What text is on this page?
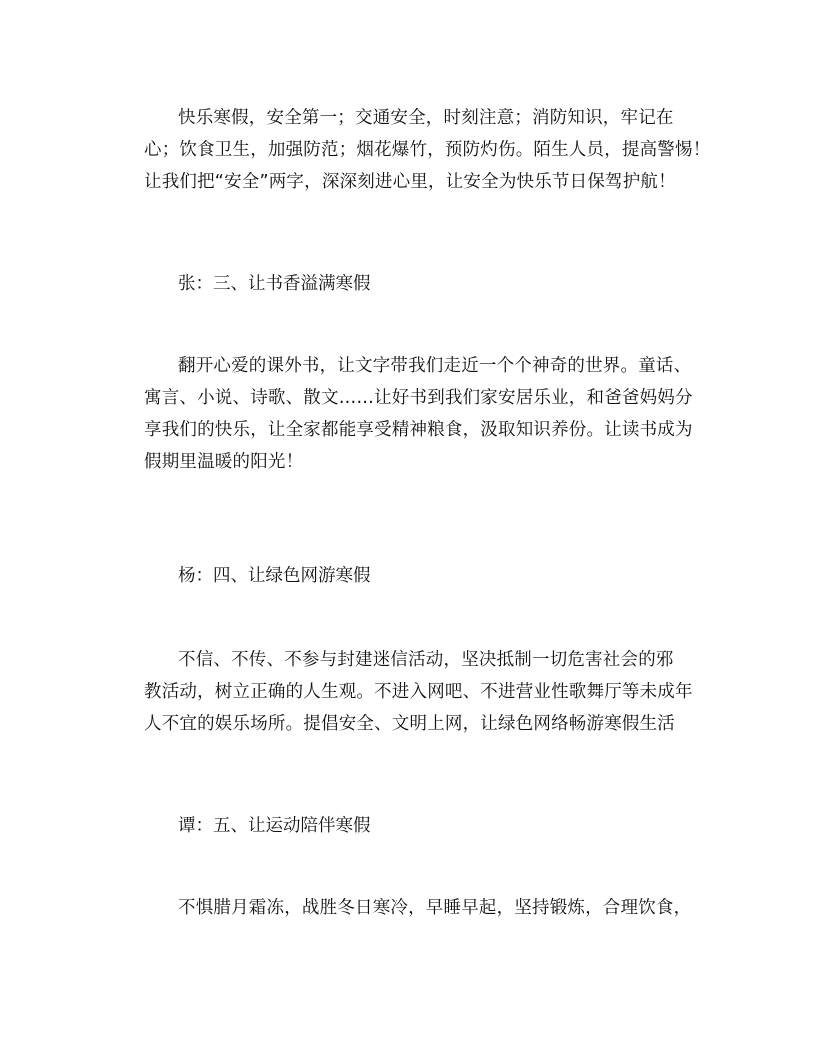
快乐寒假，安全第一；交通安全，时刻注意；消防知识，牢记在
心；饮食卫生，加强防范；烟花爆竹，预防灼伤。陌生人员，提高警惕！
让我们把“安全”两字，深深刻进心里，让安全为快乐节日保驾护航！

张：三、让书香溢满寒假

翻开心爱的课外书，让文字带我们走近一个个神奇的世界。童话、
寓言、小说、诗歌、散文……让好书到我们家安居乐业，和爸爸妈妈分
享我们的快乐，让全家都能享受精神粮食，汲取知识养份。让读书成为
假期里温暖的阳光！

杨：四、让绿色网游寒假

不信、不传、不参与封建迷信活动，坚决抵制一切危害社会的邪
教活动，树立正确的人生观。不进入网吧、不进营业性歌舞厅等未成年
人不宜的娱乐场所。提倡安全、文明上网，让绿色网络畅游寒假生活

谭：五、让运动陪伴寒假

不惧腊月霜冻，战胜冬日寒冷，早睡早起，坚持锻炼，合理饮食，
